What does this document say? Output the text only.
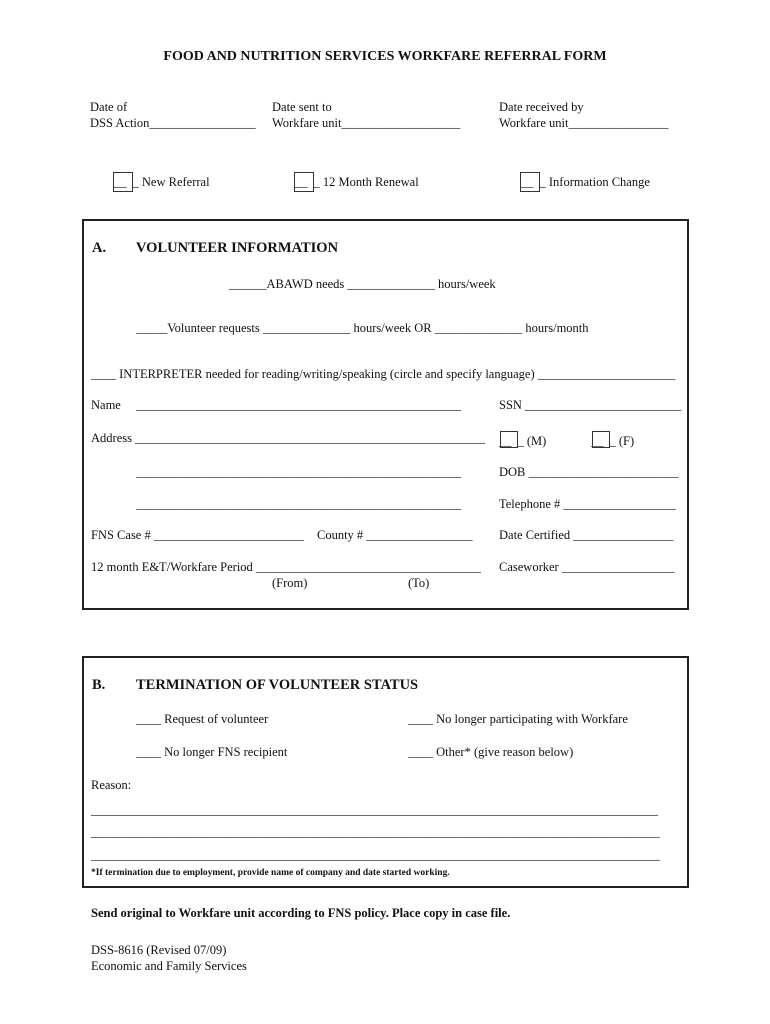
FOOD AND NUTRITION SERVICES WORKFARE REFERRAL FORM
Date of
DSS Action_________________
Date sent to
Workfare unit___________________
Date received by
Workfare unit________________
__ _ New Referral	__ _ 12 Month Renewal	__ _ Information Change
A. VOLUNTEER INFORMATION
______ABAWD needs ______________ hours/week
_____Volunteer requests ______________ hours/week OR ______________ hours/month
____ INTERPRETER needed for reading/writing/speaking (circle and specify language) ______________________
Name ____________________________________________________	SSN _________________________
Address ________________________________________________________ __ _ (M)	__ _ (F)
____________________________________________________	DOB ________________________
____________________________________________________	Telephone # __________________
FNS Case # ________________________ County # _________________ Date Certified ________________
12 month E&T/Workfare Period ____________________________________ Caseworker __________________
(From)	(To)
B. TERMINATION OF VOLUNTEER STATUS
____ Request of volunteer	____ No longer participating with Workfare
____ No longer FNS recipient	____ Other* (give reason below)
Reason:
___________________________________________________________________________________________
___________________________________________________________________________________________
___________________________________________________________________________________________
*If termination due to employment, provide name of company and date started working.
Send original to Workfare unit according to FNS policy. Place copy in case file.
DSS-8616 (Revised 07/09)
Economic and Family Services
